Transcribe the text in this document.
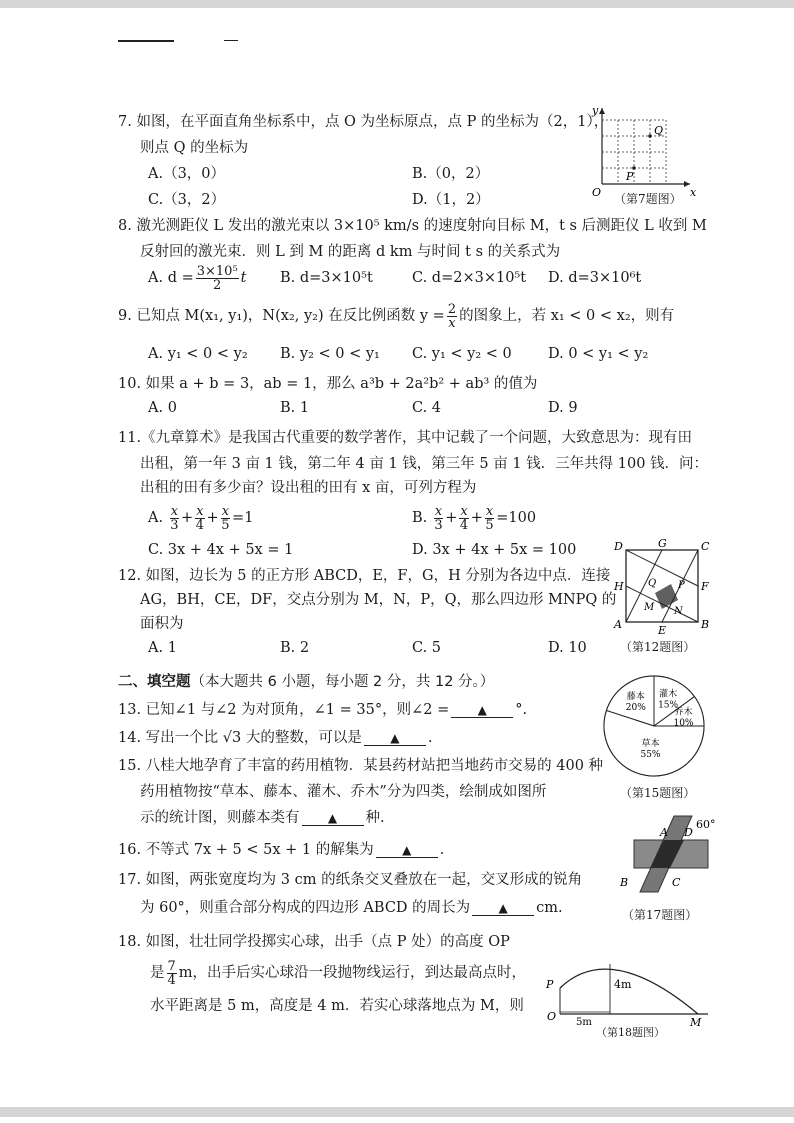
7. 如图，在平面直角坐标系中，点 O 为坐标原点，点 P 的坐标为（2，1），
则点 Q 的坐标为
A.（3，0）	B.（0，2）
C.（3，2）	D.（1，2）
y
x
O
P
Q
（第7题图）
8. 激光测距仪 L 发出的激光束以 3×10⁵ km/s 的速度射向目标 M，t s 后测距仪 L 收到 M
反射回的激光束．则 L 到 M 的距离 d km 与时间 t s 的关系式为
A. $d = \frac{\text{3×10⁵}}{2}$ t B. d=3×10⁵t	C. d=2×3×10⁵t D. d=3×10⁶t
9. 已知点 M(x₁, y₁)，N(x₂, y₂) 在反比例函数 $y = \frac{2}{x}$ 的图象上，若 x₁ < 0 < x₂，则有
A. y₁ < 0 < y₂ B. y₂ < 0 < y₁ C. y₁ < y₂ < 0 D. 0 < y₁ < y₂
10. 如果 a + b = 3，ab = 1，那么 a³b + 2a²b² + ab³ 的值为
A. 0	B. 1	C. 4	D. 9
11.《九章算术》是我国古代重要的数学著作，其中记载了一个问题，大致意思为：现有田
出租，第一年 3 亩 1 钱，第二年 4 亩 1 钱，第三年 5 亩 1 钱．三年共得 100 钱．问：
出租的田有多少亩？设出租的田有 x 亩，可列方程为
A. $\frac{x}{3} + \frac{x}{4} + \frac{x}{5} =1$	B. $\frac{x}{3} + \frac{x}{4} + \frac{x}{5} =100$
C. 3x + 4x + 5x = 1	D. 3x + 4x + 5x = 100
12. 如图，边长为 5 的正方形 ABCD，E，F，G，H 分别为各边中点．连接
AG，BH，CE，DF，交点分别为 M，N，P，Q，那么四边形 MNPQ 的
面积为
A. 1	B. 2	C. 5	D. 10
D	G	C
H	F
A	E	B
M N
P
Q
（第12题图）
二、填空题（本大题共 6 小题，每小题 2 分，共 12 分。）
13. 已知∠1 与∠2 为对顶角，∠1 = 35°，则∠2 = ▲ °.
14. 写出一个比 √3 大的整数，可以是 ▲ .
15. 八桂大地孕育了丰富的药用植物．某县药材站把当地药市交易的 400 种
药用植物按“草本、藤本、灌木、乔木”分为四类，绘制成如图所
示的统计图，则藤本类有 ▲ 种.
藤本
20%
灌木
15%
乔木
10%
草本
55%
（第15题图）
16. 不等式 7x + 5 < 5x + 1 的解集为 ▲ .
17. 如图，两张宽度均为 3 cm 的纸条交叉叠放在一起，交叉形成的锐角
为 60°，则重合部分构成的四边形 ABCD 的周长为 ▲ cm.
A D
B	C
60°
（第17题图）
18. 如图，壮壮同学投掷实心球，出手（点 P 处）的高度 OP
是 $\frac{7}{4}$ m，出手后实心球沿一段抛物线运行，到达最高点时，
水平距离是 5 m，高度是 4 m．若实心球落地点为 M，则
P
O	M
4m
5m
（第18题图）
